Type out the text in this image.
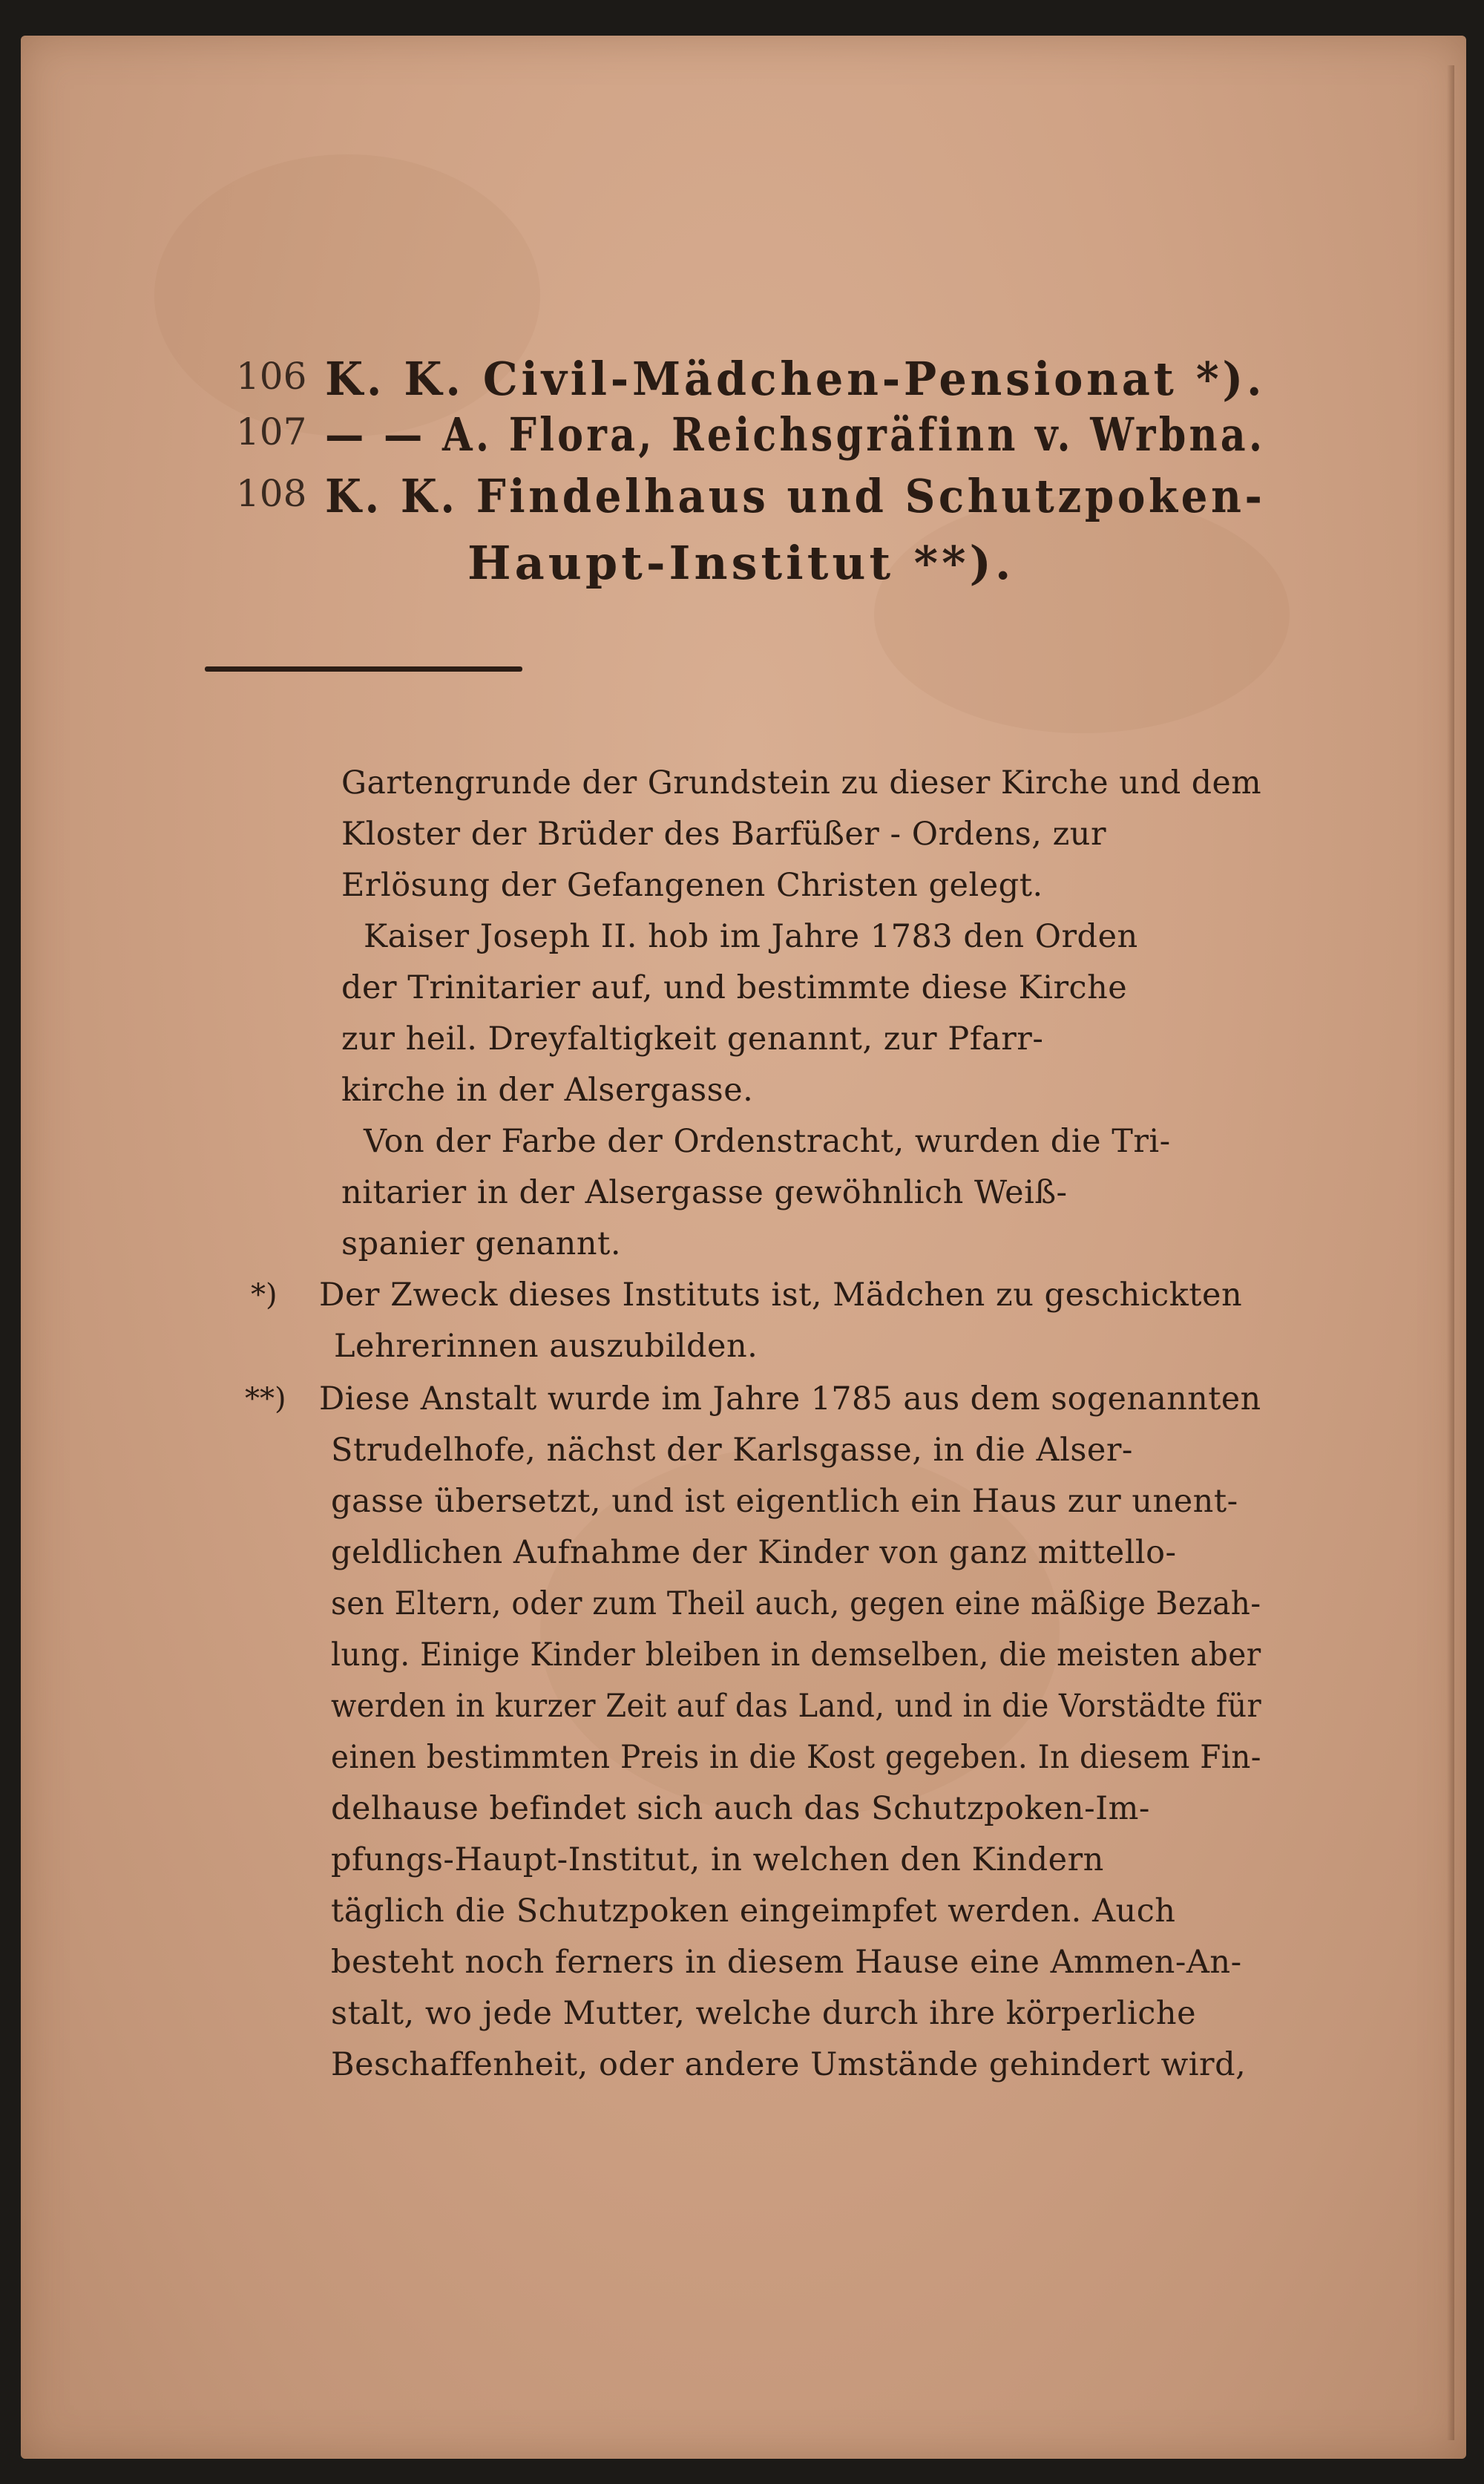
106 K. K. Civil-Mädchen-Pensionat *).
107 — — A. Flora, Reichsgräfinn v. Wrbna.
108 K. K. Findelhaus und Schutzpoken-
Haupt-Institut **).
Gartengrunde der Grundstein zu dieser Kirche und dem
Kloster der Brüder des Barfüßer - Ordens, zur
Erlösung der Gefangenen Christen gelegt.
Kaiser Joseph II. hob im Jahre 1783 den Orden
der Trinitarier auf, und bestimmte diese Kirche
zur heil. Dreyfaltigkeit genannt, zur Pfarr-
kirche in der Alsergasse.
Von der Farbe der Ordenstracht, wurden die Tri-
nitarier in der Alsergasse gewöhnlich Weiß-
spanier genannt.
*) Der Zweck dieses Instituts ist, Mädchen zu geschickten
Lehrerinnen auszubilden.
**) Diese Anstalt wurde im Jahre 1785 aus dem sogenannten
Strudelhofe, nächst der Karlsgasse, in die Alser-
gasse übersetzt, und ist eigentlich ein Haus zur unent-
geldlichen Aufnahme der Kinder von ganz mittello-
sen Eltern, oder zum Theil auch, gegen eine mäßige Bezah-
lung. Einige Kinder bleiben in demselben, die meisten aber
werden in kurzer Zeit auf das Land, und in die Vorstädte für
einen bestimmten Preis in die Kost gegeben. In diesem Fin-
delhause befindet sich auch das Schutzpoken-Im-
pfungs-Haupt-Institut, in welchen den Kindern
täglich die Schutzpoken eingeimpfet werden. Auch
besteht noch ferners in diesem Hause eine Ammen-An-
stalt, wo jede Mutter, welche durch ihre körperliche
Beschaffenheit, oder andere Umstände gehindert wird,
